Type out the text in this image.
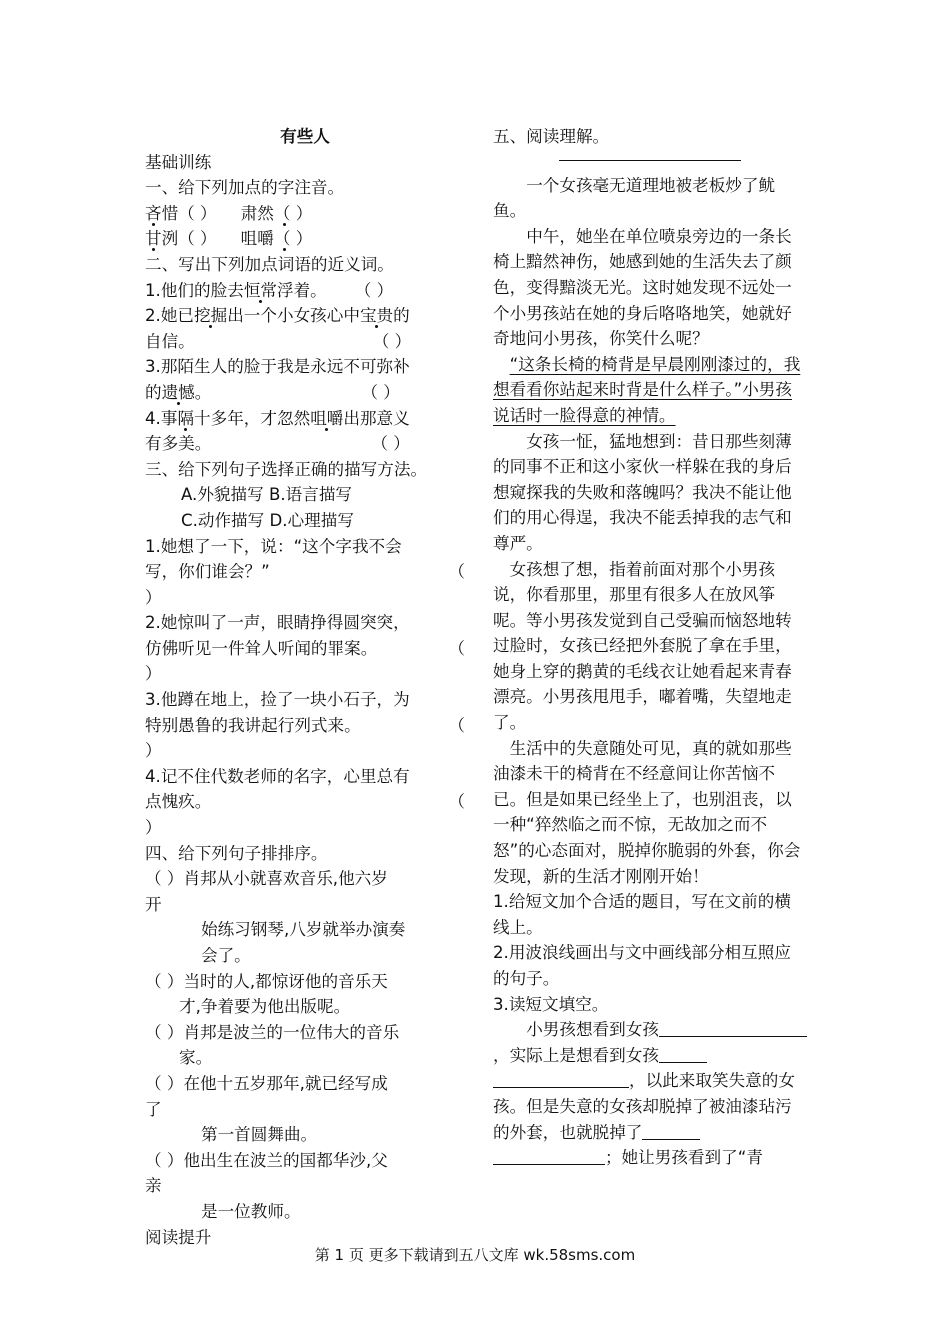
有些人

基础训练

一、给下列加点的字注音。

吝惜（ ） 肃然（ ）

甘洌（ ） 咀嚼（ ）

二、写出下列加点词语的近义词。

1.他们的脸去恒常浮着。 （ ）

2.她已挖掘出一个小女孩心中宝贵的

自信。	（ ）

3.那陌生人的脸于我是永远不可弥补

的遗憾。	（ ）

4.事隔十多年，才忽然咀嚼出那意义

有多美。	（ ）

三、给下列句子选择正确的描写方法。

A.外貌描写 B.语言描写

C.动作描写 D.心理描写

1.她想了一下，说：“这个字我不会

写，你们谁会？”	（

）

2.她惊叫了一声，眼睛挣得圆突突，

仿佛听见一件耸人听闻的罪案。	（

）

3.他蹲在地上，捡了一块小石子，为

特别愚鲁的我讲起行列式来。	（

）

4.记不住代数老师的名字，心里总有

点愧疚。	（

）

四、给下列句子排排序。

（ ）肖邦从小就喜欢音乐,他六岁

开

始练习钢琴,八岁就举办演奏

会了。

（ ）当时的人,都惊讶他的音乐天

才,争着要为他出版呢。

（ ）肖邦是波兰的一位伟大的音乐

家。

（ ）在他十五岁那年,就已经写成

了

第一首圆舞曲。

（ ）他出生在波兰的国都华沙,父

亲

是一位教师。

阅读提升

五、阅读理解。

一个女孩毫无道理地被老板炒了鱿鱼。

中午，她坐在单位喷泉旁边的一条长椅上黯然神伤，她感到她的生活失去了颜色，变得黯淡无光。这时她发现不远处一个小男孩站在她的身后咯咯地笑，她就好奇地问小男孩，你笑什么呢？

“这条长椅的椅背是早晨刚刚漆过的，我想看看你站起来时背是什么样子。”小男孩说话时一脸得意的神情。

女孩一怔，猛地想到：昔日那些刻薄的同事不正和这小家伙一样躲在我的身后想窥探我的失败和落魄吗？我决不能让他们的用心得逞，我决不能丢掉我的志气和尊严。

女孩想了想，指着前面对那个小男孩说，你看那里，那里有很多人在放风筝呢。等小男孩发觉到自己受骗而恼怒地转过脸时，女孩已经把外套脱了拿在手里，她身上穿的鹅黄的毛线衣让她看起来青春漂亮。小男孩甩甩手，嘟着嘴，失望地走了。

生活中的失意随处可见，真的就如那些油漆未干的椅背在不经意间让你苦恼不已。但是如果已经坐上了，也别沮丧，以一种“猝然临之而不惊，无故加之而不怒”的心态面对，脱掉你脆弱的外套，你会发现，新的生活才刚刚开始！

1.给短文加个合适的题目，写在文前的横线上。

2.用波浪线画出与文中画线部分相互照应的句子。

3.读短文填空。

小男孩想看到女孩，实际上是想看到女孩，以此来取笑失意的女孩。但是失意的女孩却脱掉了被油漆玷污的外套，也就脱掉了；她让男孩看到了“青

第 1 页 更多下载请到五八文库 wk.58sms.com
